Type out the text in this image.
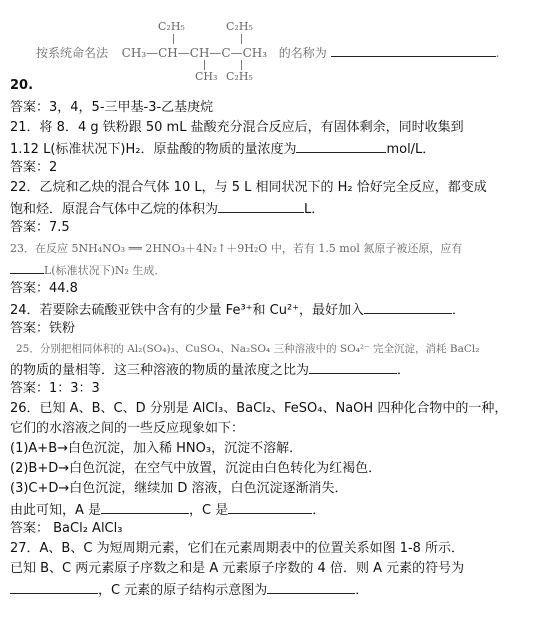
C₂H₅	C₂H₅
按系统命名法 CH₃—CH—CH—C—CH₃ 的名称为	.
CH₃ C₂H₅
20.
答案：3，4，5-三甲基-3-乙基庚烷
21．将 8．4 g 铁粉跟 50 mL 盐酸充分混合反应后，有固体剩余，同时收集到
1.12 L(标准状况下)H₂．原盐酸的物质的量浓度为	mol/L．
答案：2
22．乙烷和乙炔的混合气体 10 L，与 5 L 相同状况下的 H₂ 恰好完全反应，都变成
饱和烃．原混合气体中乙烷的体积为	L．
答案：7.5
23．在反应 5NH₄NO₃ ══ 2HNO₃＋4N₂↑＋9H₂O 中，若有 1.5 mol 氮原子被还原，应有
L(标准状况下)N₂ 生成．
答案：44.8
24．若要除去硫酸亚铁中含有的少量 Fe³⁺和 Cu²⁺，最好加入	．
答案：铁粉
25．分别把相同体积的 Al₂(SO₄)₃、CuSO₄、Na₂SO₄ 三种溶液中的 SO₄²⁻ 完全沉淀，消耗 BaCl₂
的物质的量相等．这三种溶液的物质的量浓度之比为	．
答案：1：3：3
26．已知 A、B、C、D 分别是 AlCl₃、BaCl₂、FeSO₄、NaOH 四种化合物中的一种，
它们的水溶液之间的一些反应现象如下：
(1)A+B→白色沉淀，加入稀 HNO₃，沉淀不溶解．
(2)B+D→白色沉淀，在空气中放置，沉淀由白色转化为红褐色．
(3)C+D→白色沉淀，继续加 D 溶液，白色沉淀逐渐消失．
由此可知，A 是	，C 是	．
答案： BaCl₂ AlCl₃
27．A、B、C 为短周期元素，它们在元素周期表中的位置关系如图 1-8 所示．
已知 B、C 两元素原子序数之和是 A 元素原子序数的 4 倍．则 A 元素的符号为
，C 元素的原子结构示意图为	．
